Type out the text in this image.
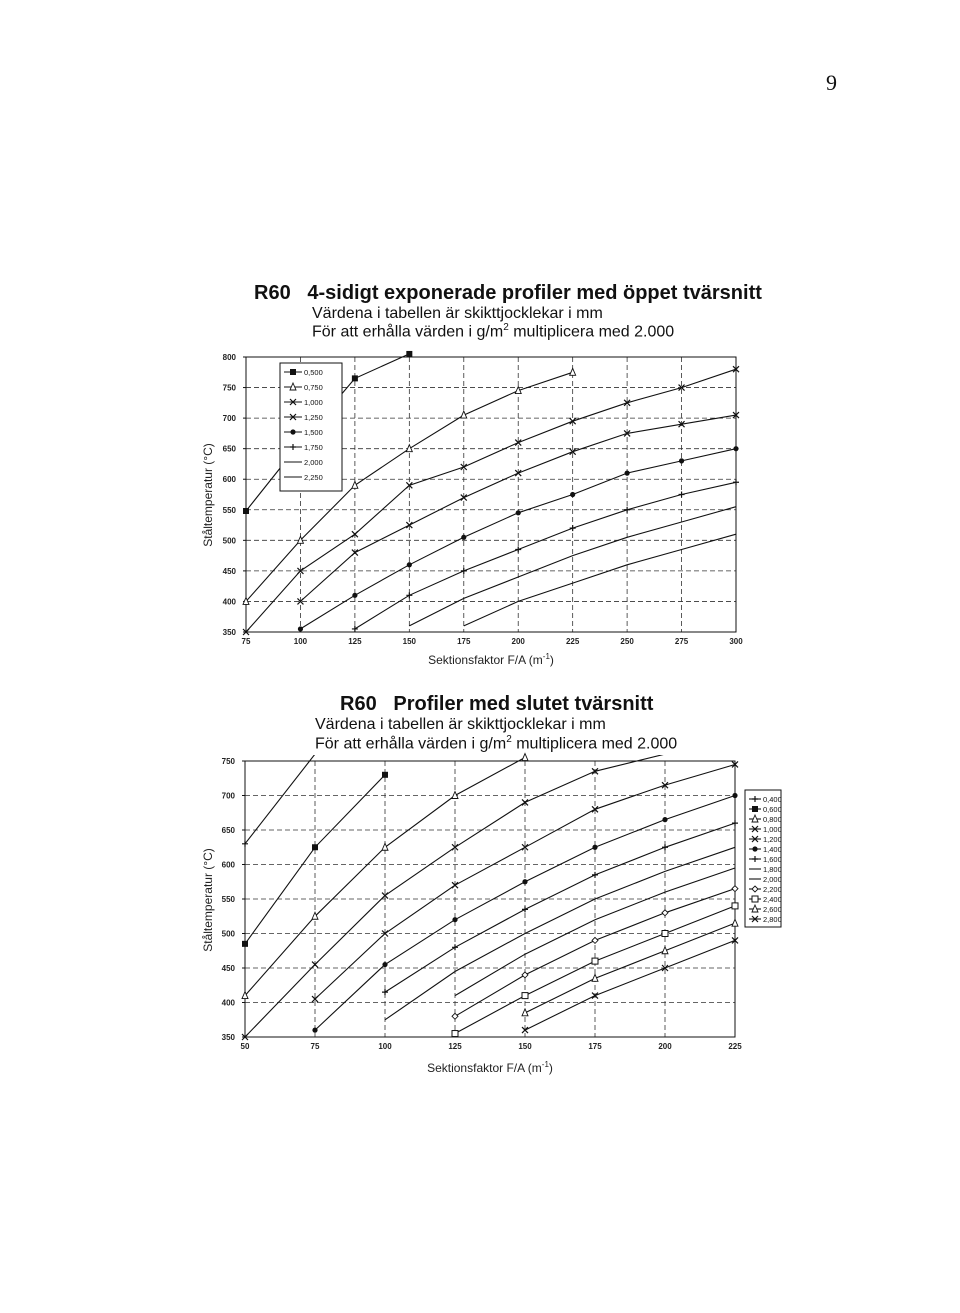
9
R60 4-sidigt exponerade profiler med öppet tvärsnitt
Värdena i tabellen är skikttjocklekar i mm
För att erhålla värden i $g/m^2$ multiplicera med 2.000
R60 Profiler med slutet tvärsnitt
Värdena i tabellen är skikttjocklekar i mm
För att erhålla värden i $g/m^2$ multiplicera med 2.000
350
400
450
500
550
600
650
700
750
800
75	100	125	150	175	200	225	250	275	300
Sektionsfaktor F/A $(m^{-1})$
Ståltemperatur (°C)
0,500
0,750
1,000
1,250
1,500
1,750
2,000
2,250
350
400
450
500
550
600
650
700
750
50	75	100	125	150	175	200	225
Sektionsfaktor F/A $(m^{-1})$
Ståltemperatur (°C)
0,400
0,600
0,800
1,000
1,200
1,400
1,600
1,800
2,000
2,200
2,400
2,600
2,800
